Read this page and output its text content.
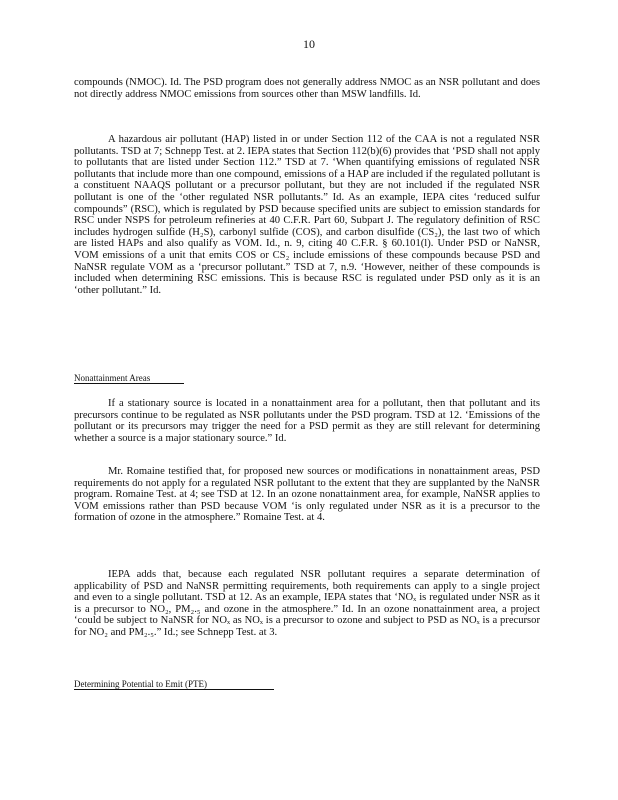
10

compounds (NMOC). Id. The PSD program does not generally address NMOC as an NSR pollutant and does not directly address NMOC emissions from sources other than MSW landfills. Id.

A hazardous air pollutant (HAP) listed in or under Section 112 of the CAA is not a regulated NSR pollutants. TSD at 7; Schnepp Test. at 2. IEPA states that Section 112(b)(6) provides that ‘PSD shall not apply to pollutants that are listed under Section 112.” TSD at 7. ‘When quantifying emissions of regulated NSR pollutants that include more than one compound, emissions of a HAP are included if the regulated pollutant is a constituent NAAQS pollutant or a precursor pollutant, but they are not included if the regulated NSR pollutant is one of the ‘other regulated NSR pollutants.” Id. As an example, IEPA cites ‘reduced sulfur compounds” (RSC), which is regulated by PSD because specified units are subject to emission standards for RSC under NSPS for petroleum refineries at 40 C.F.R. Part 60, Subpart J. The regulatory definition of RSC includes hydrogen sulfide (H₂S), carbonyl sulfide (COS), and carbon disulfide (CS₂), the last two of which are listed HAPs and also qualify as VOM. Id., n. 9, citing 40 C.F.R. § 60.101(l). Under PSD or NaNSR, VOM emissions of a unit that emits COS or CS₂ include emissions of these compounds because PSD and NaNSR regulate VOM as a ‘precursor pollutant.” TSD at 7, n.9. ‘However, neither of these compounds is included when determining RSC emissions. This is because RSC is regulated under PSD only as it is an ‘other pollutant.” Id.

Nonattainment Areas

If a stationary source is located in a nonattainment area for a pollutant, then that pollutant and its precursors continue to be regulated as NSR pollutants under the PSD program. TSD at 12. ‘Emissions of the pollutant or its precursors may trigger the need for a PSD permit as they are still relevant for determining whether a source is a major stationary source.” Id.

Mr. Romaine testified that, for proposed new sources or modifications in nonattainment areas, PSD requirements do not apply for a regulated NSR pollutant to the extent that they are supplanted by the NaNSR program. Romaine Test. at 4; see TSD at 12. In an ozone nonattainment area, for example, NaNSR applies to VOM emissions rather than PSD because VOM ‘is only regulated under NSR as it is a precursor to the formation of ozone in the atmosphere.” Romaine Test. at 4.

IEPA adds that, because each regulated NSR pollutant requires a separate determination of applicability of PSD and NaNSR permitting requirements, both requirements can apply to a single project and even to a single pollutant. TSD at 12. As an example, IEPA states that ‘NOₓ is regulated under NSR as it is a precursor to NO₂, PM₂.₅ and ozone in the atmosphere.” Id. In an ozone nonattainment area, a project ‘could be subject to NaNSR for NOₓ as NOₓ is a precursor to ozone and subject to PSD as NOₓ is a precursor for NO₂ and PM₂.₅.” Id.; see Schnepp Test. at 3.

Determining Potential to Emit (PTE)
